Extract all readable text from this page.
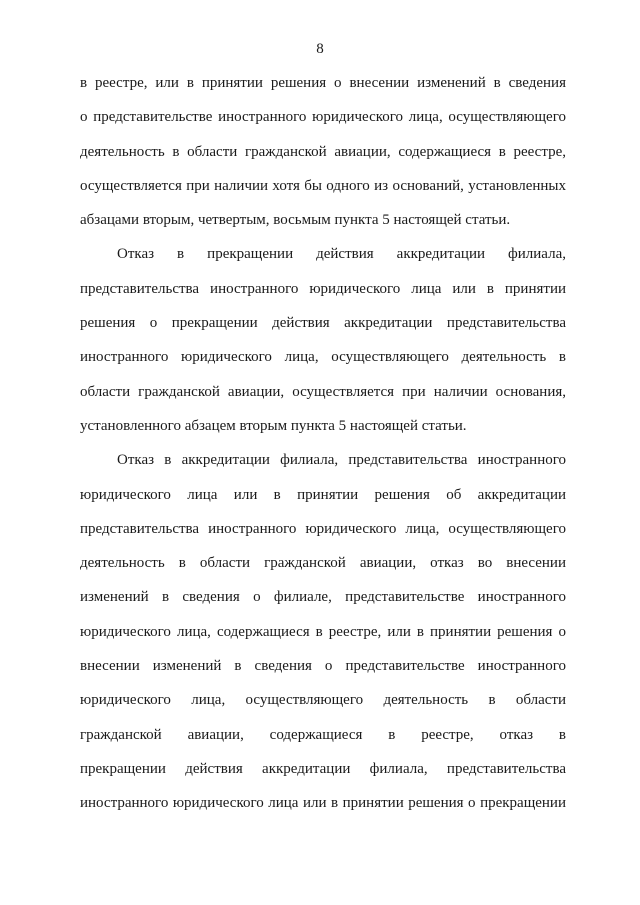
8
в реестре, или в принятии решения о внесении изменений в сведения
о представительстве иностранного юридического лица, осуществляющего
деятельность в области гражданской авиации, содержащиеся в реестре,
осуществляется при наличии хотя бы одного из оснований, установленных
абзацами вторым, четвертым, восьмым пункта 5 настоящей статьи.
Отказ в прекращении действия аккредитации филиала,
представительства иностранного юридического лица или в принятии
решения о прекращении действия аккредитации представительства
иностранного юридического лица, осуществляющего деятельность в
области гражданской авиации, осуществляется при наличии основания,
установленного абзацем вторым пункта 5 настоящей статьи.
Отказ в аккредитации филиала, представительства иностранного
юридического лица или в принятии решения об аккредитации
представительства иностранного юридического лица, осуществляющего
деятельность в области гражданской авиации, отказ во внесении
изменений в сведения о филиале, представительстве иностранного
юридического лица, содержащиеся в реестре, или в принятии решения о
внесении изменений в сведения о представительстве иностранного
юридического лица, осуществляющего деятельность в области
гражданской авиации, содержащиеся в реестре, отказ в
прекращении действия аккредитации филиала, представительства
иностранного юридического лица или в принятии решения о прекращении
